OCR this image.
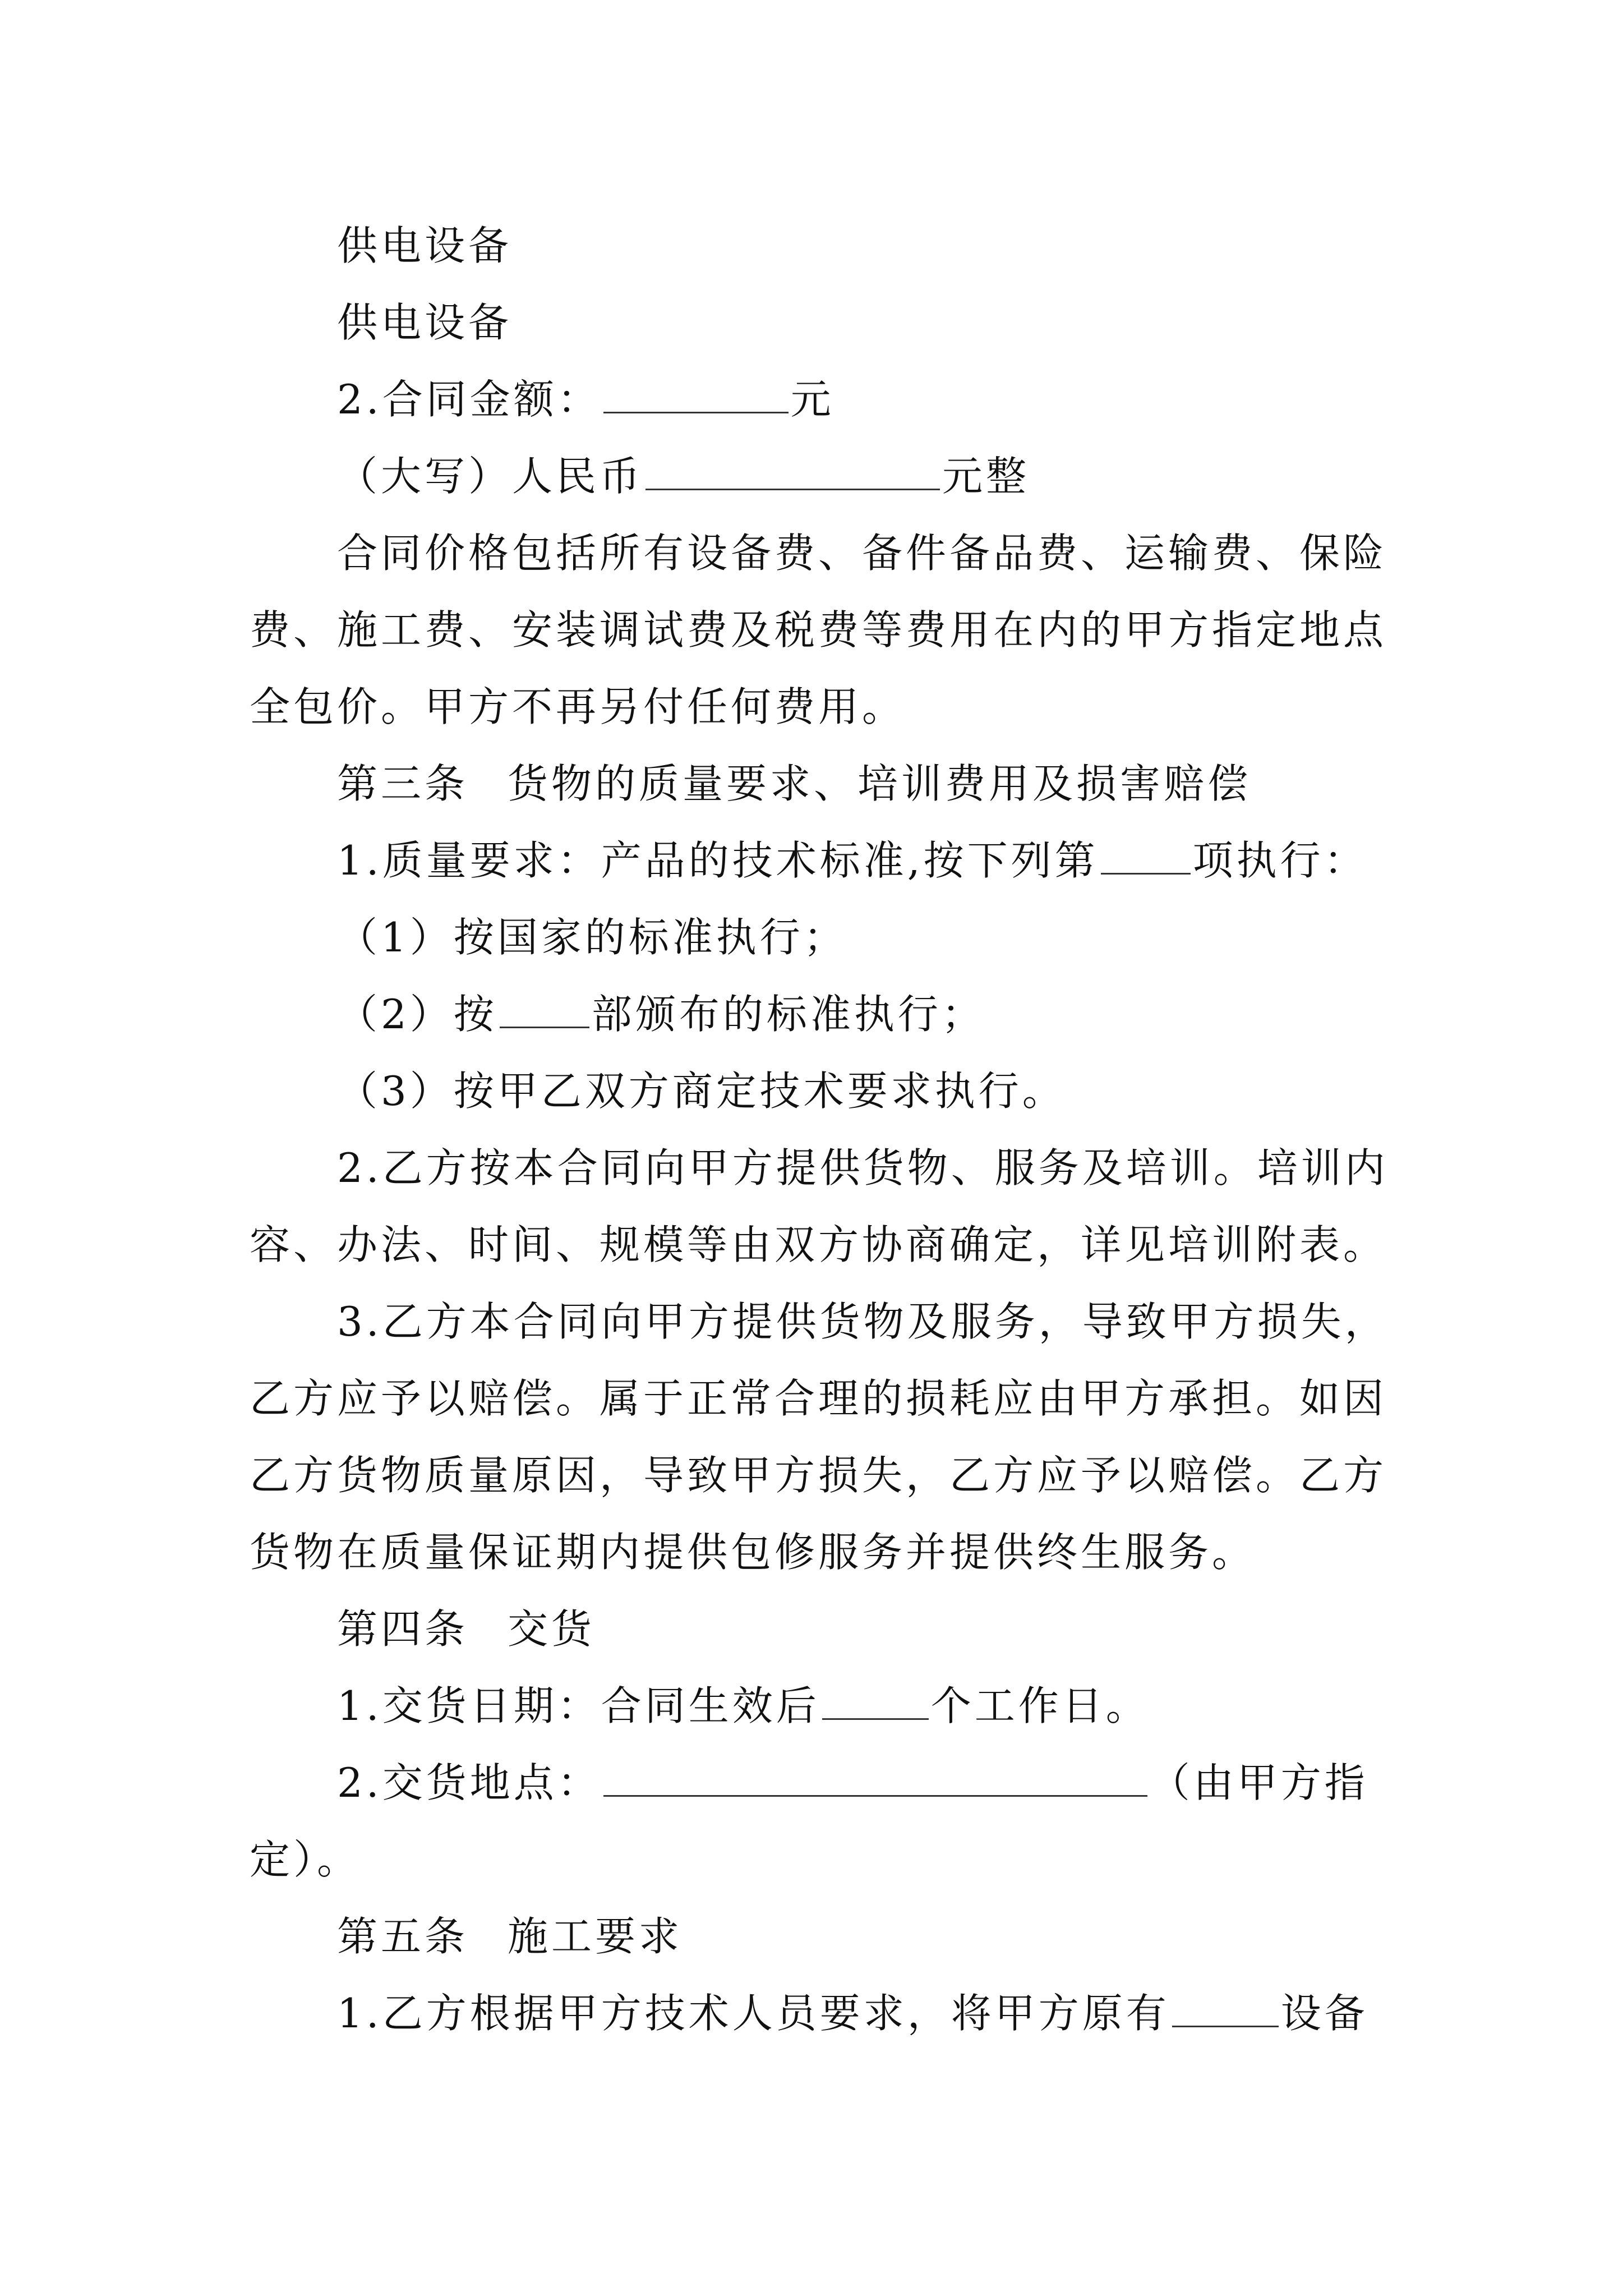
供电设备

供电设备

2.合同金额：	元

（大写）人民币	元整

合同价格包括所有设备费、备件备品费、运输费、保险

费、施工费、安装调试费及税费等费用在内的甲方指定地点

全包价。甲方不再另付任何费用。

第三条 货物的质量要求、培训费用及损害赔偿

1.质量要求：产品的技术标准,按下列第 项执行：

（1）按国家的标准执行；

（2）按 部颁布的标准执行；

（3）按甲乙双方商定技术要求执行。

2.乙方按本合同向甲方提供货物、服务及培训。培训内

容、办法、时间、规模等由双方协商确定，详见培训附表。

3.乙方本合同向甲方提供货物及服务，导致甲方损失，

乙方应予以赔偿。属于正常合理的损耗应由甲方承担。如因

乙方货物质量原因，导致甲方损失，乙方应予以赔偿。乙方

货物在质量保证期内提供包修服务并提供终生服务。

第四条 交货

1.交货日期：合同生效后	个工作日。

2.交货地点：	（由甲方指

定）。

第五条 施工要求

1.乙方根据甲方技术人员要求，将甲方原有	设备
